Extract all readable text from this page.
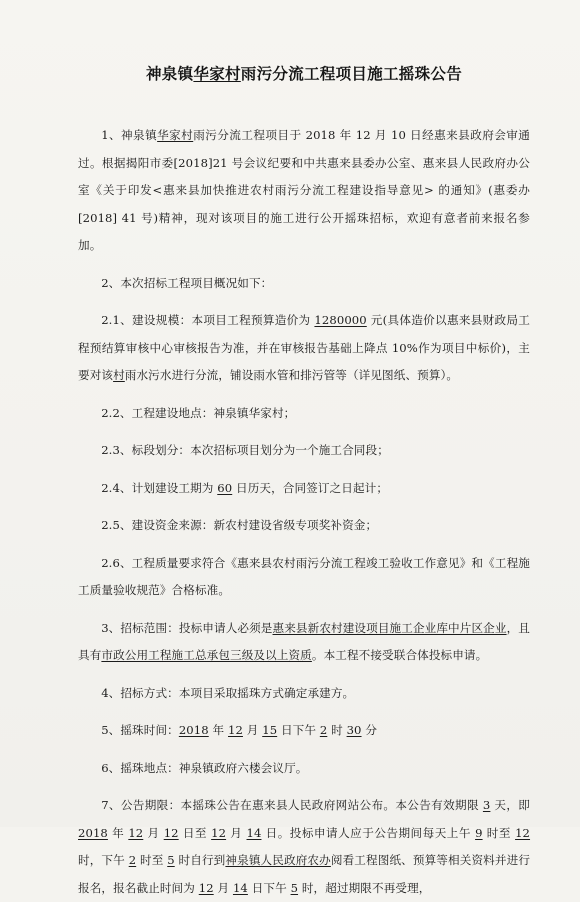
神泉镇华家村雨污分流工程项目施工摇珠公告

1、神泉镇华家村雨污分流工程项目于 2018 年 12 月 10 日经惠来县政府会审通过。根据揭阳市委[2018]21 号会议纪要和中共惠来县委办公室、惠来县人民政府办公室《关于印发<惠来县加快推进农村雨污分流工程建设指导意见> 的通知》(惠委办 [2018] 41 号)精神，现对该项目的施工进行公开摇珠招标，欢迎有意者前来报名参加。

2、本次招标工程项目概况如下：

2.1、建设规模：本项目工程预算造价为 1280000 元(具体造价以惠来县财政局工程预结算审核中心审核报告为准，并在审核报告基础上降点 10%作为项目中标价)，主要对该村雨水污水进行分流，铺设雨水管和排污管等（详见图纸、预算）。

2.2、工程建设地点：神泉镇华家村；

2.3、标段划分：本次招标项目划分为一个施工合同段；

2.4、计划建设工期为 60 日历天，合同签订之日起计；

2.5、建设资金来源：新农村建设省级专项奖补资金；

2.6、工程质量要求符合《惠来县农村雨污分流工程竣工验收工作意见》和《工程施工质量验收规范》合格标准。

3、招标范围：投标申请人必须是惠来县新农村建设项目施工企业库中片区企业，且具有市政公用工程施工总承包三级及以上资质。本工程不接受联合体投标申请。

4、招标方式：本项目采取摇珠方式确定承建方。

5、摇珠时间：2018 年 12 月 15 日下午 2 时 30 分

6、摇珠地点：神泉镇政府六楼会议厅。

7、公告期限：本摇珠公告在惠来县人民政府网站公布。本公告有效期限 3 天，即 2018 年 12 月 12 日至 12 月 14 日。投标申请人应于公告期间每天上午 9 时至 12 时，下午 2 时至 5 时自行到神泉镇人民政府农办阅看工程图纸、预算等相关资料并进行报名，报名截止时间为 12 月 14 日下午 5 时，超过期限不再受理，
